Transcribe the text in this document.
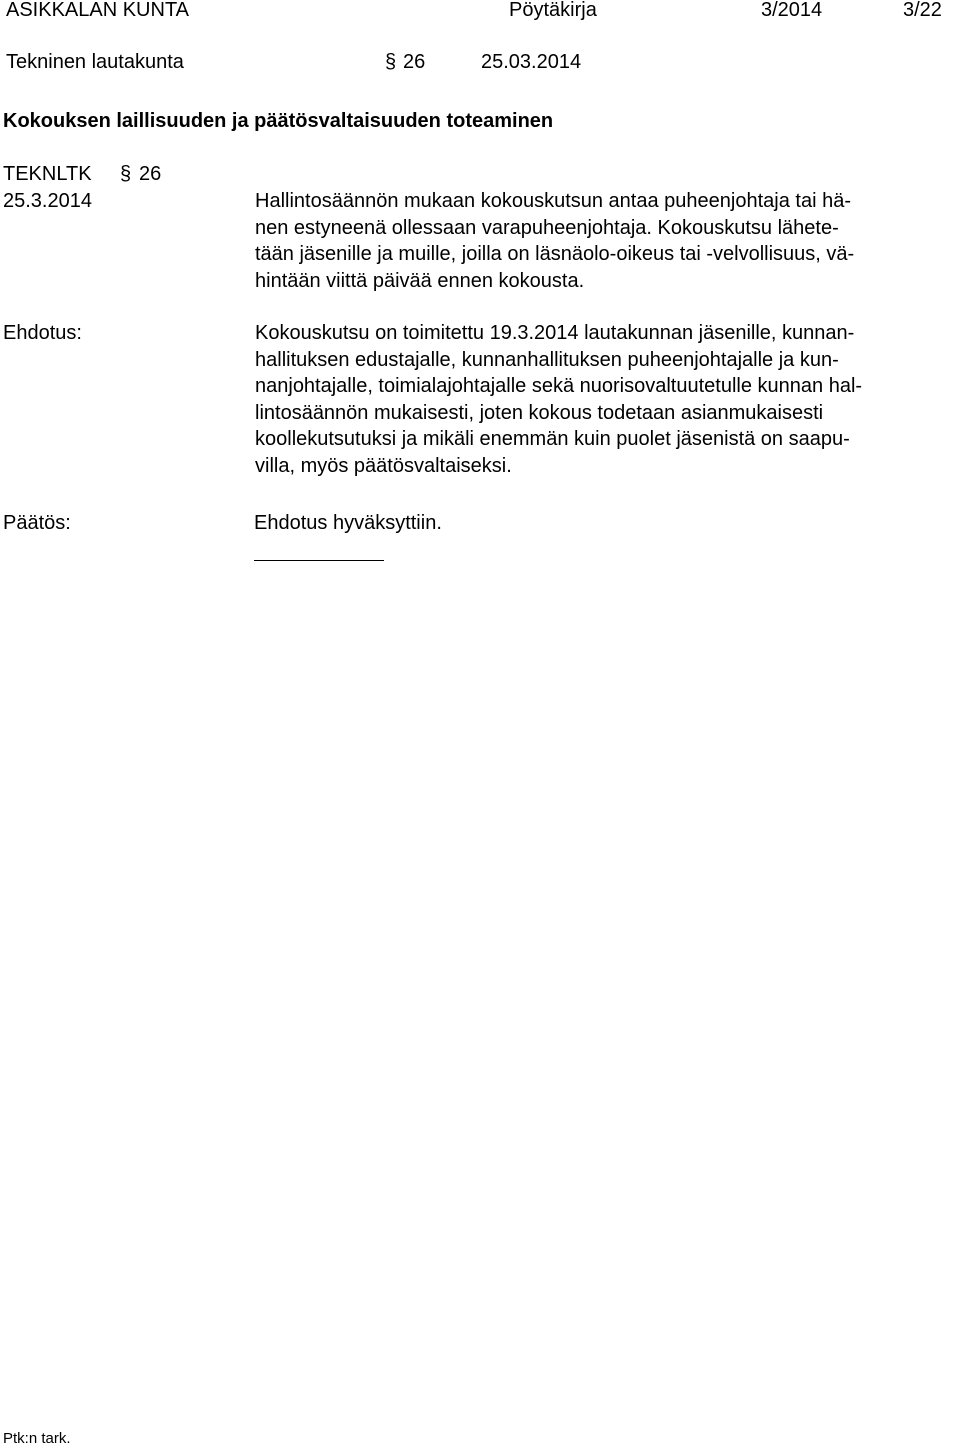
ASIKKALAN KUNTA	Pöytäkirja	3/2014	3/22
Tekninen lautakunta	§ 26	25.03.2014
Kokouksen laillisuuden ja päätösvaltaisuuden toteaminen
TEKNLTK § 26
25.3.2014	Hallintosäännön mukaan kokouskutsun antaa puheenjohtaja tai hä-
nen estyneenä ollessaan varapuheenjohtaja. Kokouskutsu lähete-
tään jäsenille ja muille, joilla on läsnäolo-oikeus tai -velvollisuus, vä-
hintään viittä päivää ennen kokousta.
Ehdotus:	Kokouskutsu on toimitettu 19.3.2014 lautakunnan jäsenille, kunnan-
hallituksen edustajalle, kunnanhallituksen puheenjohtajalle ja kun-
nanjohtajalle, toimialajohtajalle sekä nuorisovaltuutetulle kunnan hal-
lintosäännön mukaisesti, joten kokous todetaan asianmukaisesti
koollekutsutuksi ja mikäli enemmän kuin puolet jäsenistä on saapu-
villa, myös päätösvaltaiseksi.
Päätös:	Ehdotus hyväksyttiin.
Ptk:n tark.
